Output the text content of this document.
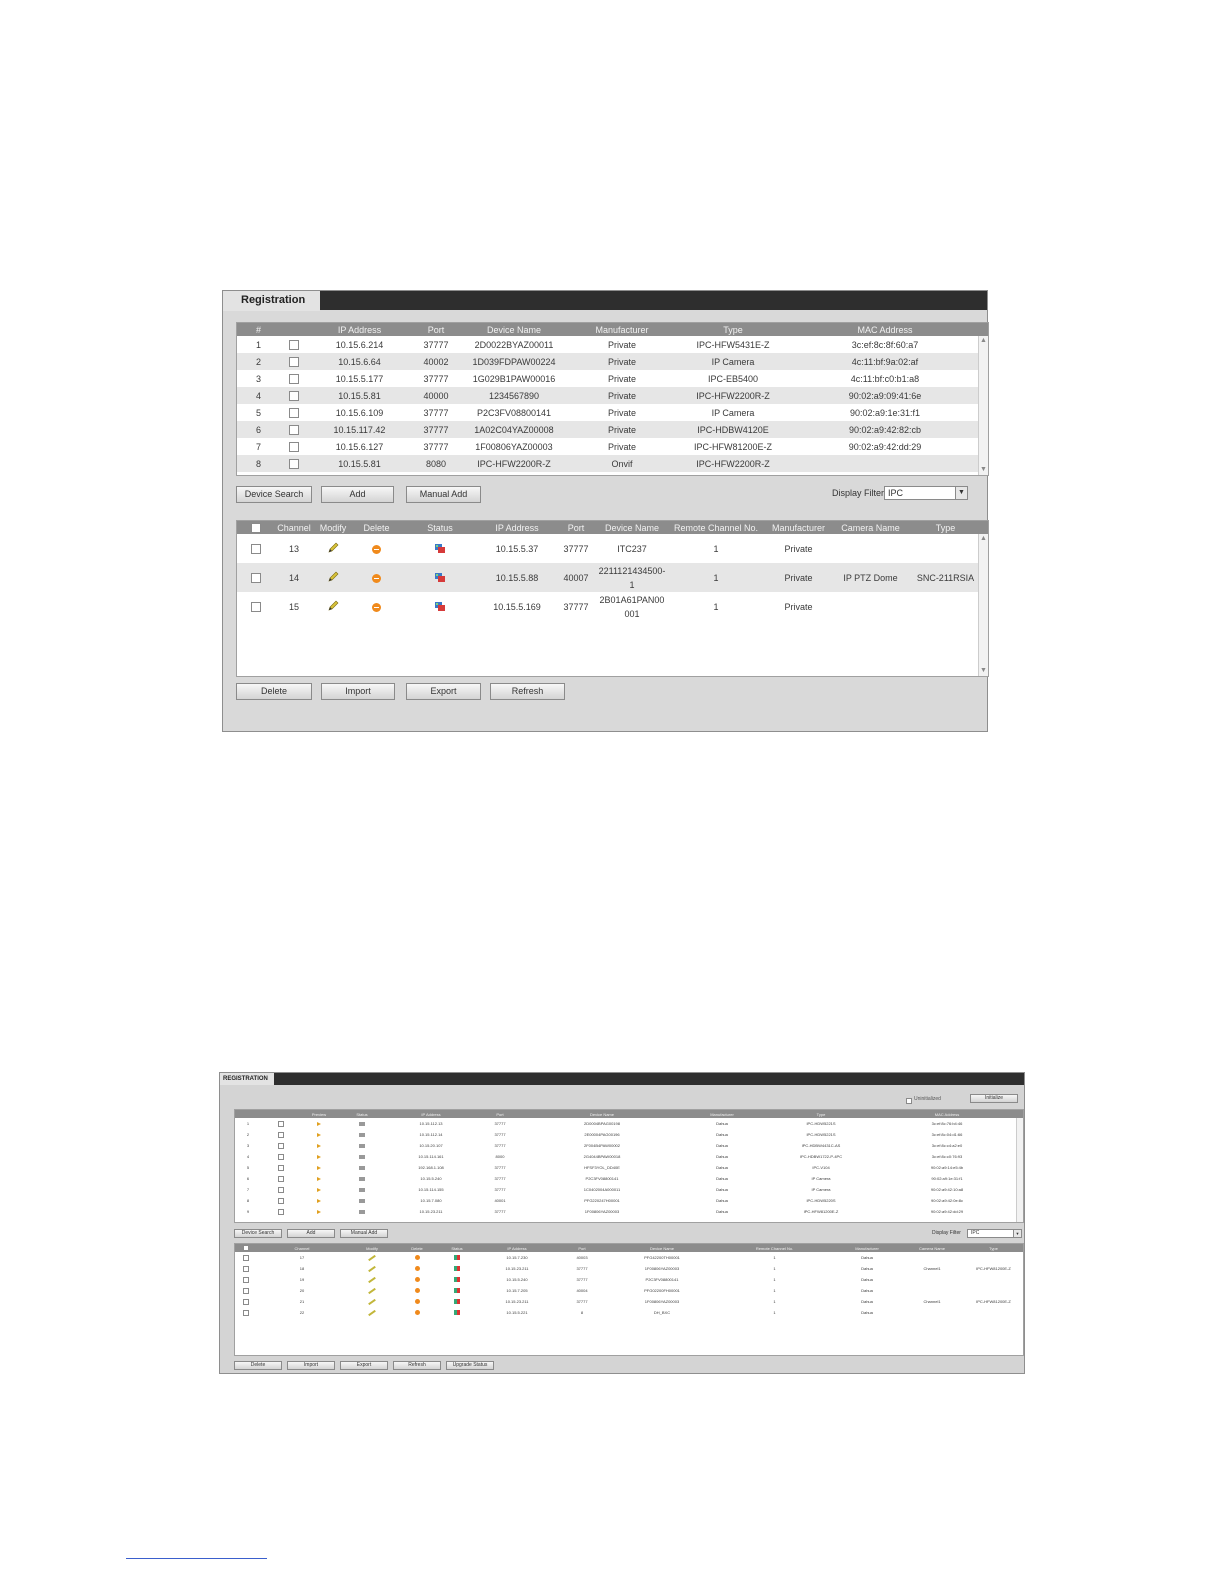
Registration
#		IP Address	Port	Device Name	Manufacturer	Type	MAC Address	
1		10.15.6.214	37777	2D0022BYAZ00011	Private	IPC-HFW5431E-Z	3c:ef:8c:8f:60:a7	
2		10.15.6.64	40002	1D039FDPAW00224	Private	IP Camera	4c:11:bf:9a:02:af	
3		10.15.5.177	37777	1G029B1PAW00016	Private	IPC-EB5400	4c:11:bf:c0:b1:a8	
4		10.15.5.81	40000	1234567890	Private	IPC-HFW2200R-Z	90:02:a9:09:41:6e	
5		10.15.6.109	37777	P2C3FV08800141	Private	IP Camera	90:02:a9:1e:31:f1	
6		10.15.117.42	37777	1A02C04YAZ00008	Private	IPC-HDBW4120E	90:02:a9:42:82:cb	
7		10.15.6.127	37777	1F00806YAZ00003	Private	IPC-HFW81200E-Z	90:02:a9:42:dd:29	
8		10.15.5.81	8080	IPC-HFW2200R-Z	Onvif	IPC-HFW2200R-Z		
▲
▼
Device Search	Add	Manual Add	Display Filter IPC	▼
	Channel	Modify	Delete	Status	IP Address	Port	Device Name	Remote Channel No.	Manufacturer	Camera Name	Type	
	13				10.15.5.37	37777	ITC237	1	Private			
	14				10.15.5.88	40007	2211121434500-1	1	Private	IP PTZ Dome	SNC-211RSIA	
	15				10.15.5.169	37777	2B01A61PAN00001	1	Private			
▲
▼
Delete	Import	Export	Refresh
REGISTRATION
Uninitialized	Initialize
		Preview	Status	IP Address	Port	Device Name	Manufacturer	Type	MAC Address	
1				10.15.112.13	37777	2D0004BPAG00198	Dahua	IPC-HDW5221S	3c:ef:8c:76:b4:46	
2				10.15.112.14	37777	2E00004PAG00196	Dahua	IPC-HDW5221S	3c:ef:8c:04:d1:66	
3				10.15.20.107	37777	2F004B4PAW00002	Dahua	IPC-HDBW4431C-AS	3c:ef:8c:c4:a2:e0	
4				10.15.114.161	8000	2G4044BPAW00018	Dahua	IPC-HDBW1722-P-4PC	3c:ef:8c:c0:76:93	
5				192.168.1.108	37777	HFSF3YOL_DD40E	Dahua	IPC-V104	90:02:a9:14:e5:4b	
6				10.15.5.240	37777	P2C3FV08800141	Dahua	IP Camera	90:02:a9:1e:31:f1	
7				10.15.114.155	37777	1C0402004A000011	Dahua	IP Camera	90:02:a9:42:10:a8	
8				10.15.7.080	40001	PFG220247H00001	Dahua	IPC-HDW5220S	90:02:a9:42:0e:8c	
9				10.15.23.211	37777	1F00806YAZ00003	Dahua	IPC-HFW81200E-Z	90:02:a9:42:dd:29	
Device Search	Add	Manual Add	Display Filter	IPC	▼
	Channel	Modify	Delete	Status	IP Address	Port	Device Name	Remote Channel No.	Manufacturer	Camera Name	Type
	17				10.15.7.230	40003	PFG42200TH00001	1	Dahua		
	18				10.15.23.211	37777	1F00806YAZ00003	1	Dahua	Channel1	IPC-HFW81200E-Z
	19				10.15.5.240	37777	P2C3FV08800141	1	Dahua		
	20				10.15.7.205	40004	PFG02200FH00001	1	Dahua		
	21				10.15.23.211	37777	1F00806YAZ00003	1	Dahua	Channel1	IPC-HFW81200E-Z
	22				10.15.5.221	8	DH_BXC	1	Dahua		
Delete	Import	Export	Refresh	Upgrade Status
